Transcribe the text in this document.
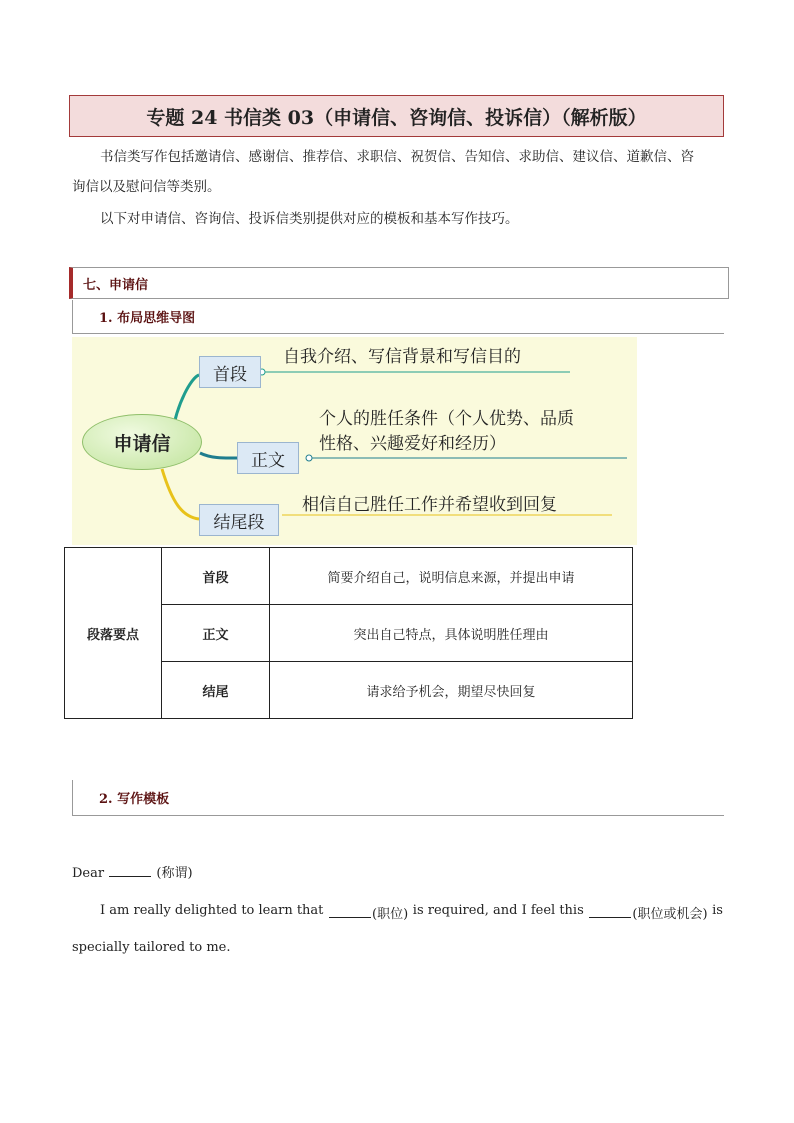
专题 24 书信类 03（申请信、咨询信、投诉信）（解析版）
书信类写作包括邀请信、感谢信、推荐信、求职信、祝贺信、告知信、求助信、建议信、道歉信、咨
询信以及慰问信等类别。
以下对申请信、咨询信、投诉信类别提供对应的模板和基本写作技巧。
七、申请信
1. 布局思维导图
申请信
首段
自我介绍、写信背景和写信目的
正文
个人的胜任条件（个人优势、品质
性格、兴趣爱好和经历）
结尾段
相信自己胜任工作并希望收到回复
段落要点	首段	简要介绍自己，说明信息来源，并提出申请
	正文	突出自己特点，具体说明胜任理由
	结尾	请求给予机会，期望尽快回复
2. 写作模板
Dear	(称谓)
I am really delighted to learn that	(职位) is required, and I feel this	(职位或机会) is
specially tailored to me.
